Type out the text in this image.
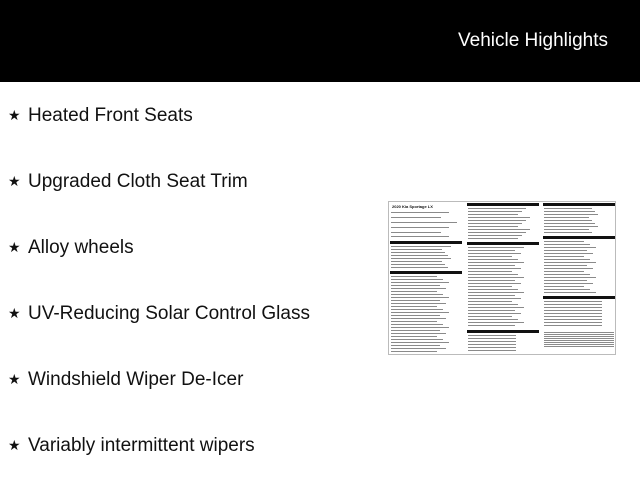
Vehicle Highlights
★ Heated Front Seats
★ Upgraded Cloth Seat Trim
★ Alloy wheels
★ UV-Reducing Solar Control Glass
★ Windshield Wiper De-Icer
★ Variably intermittent wipers
2020 Kia Sportage LX
